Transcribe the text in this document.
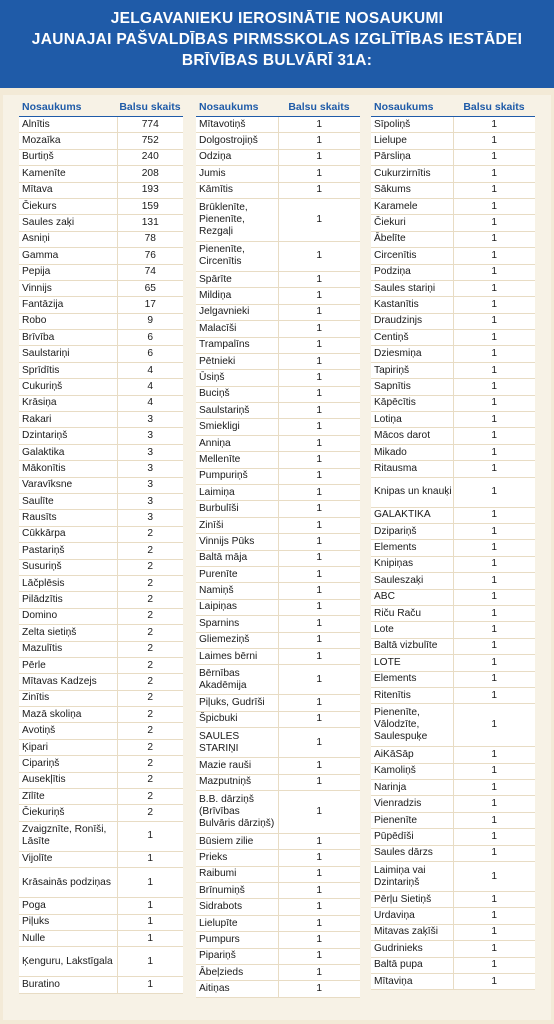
JELGAVANIEKU IEROSINĀTIE NOSAUKUMI
JAUNAJAI PAŠVALDĪBAS PIRMSSKOLAS IZGLĪTĪBAS IESTĀDEI
BRĪVĪBAS BULVĀRĪ 31A:
Nosaukums	Balsu skaits
Alnītis	774
Mozaīka	752
Burtiņš	240
Kamenīte	208
Mītava	193
Čiekurs	159
Saules zaķi	131
Asniņi	78
Gamma	76
Pepija	74
Vinnijs	65
Fantāzija	17
Robo	9
Brīvība	6
Saulstariņi	6
Sprīdītis	4
Cukuriņš	4
Krāsiņa	4
Rakari	3
Dzintariņš	3
Galaktika	3
Mākonītis	3
Varavīksne	3
Saulīte	3
Rausīts	3
Cūkkārpa	2
Pastariņš	2
Susuriņš	2
Lāčplēsis	2
Pilādzītis	2
Domino	2
Zelta sietiņš	2
Mazulītis	2
Pērle	2
Mītavas Kadzejs	2
Zinītis	2
Mazā skoliņa	2
Avotiņš	2
Ķipari	2
Cipariņš	2
Ausekļītis	2
Zīlīte	2
Čiekuriņš	2
Zvaigznīte, Ronīši, Lāsīte	1
Vijolīte	1
Krāsainās podziņas	1
Poga	1
Piļuks	1
Nulle	1
Ķenguru, Lakstīgala	1
Buratino	1
Nosaukums	Balsu skaits
Mītavotiņš	1
Dolgostrojiņš	1
Odziņa	1
Jumis	1
Kāmītis	1
Brūklenīte, Pienenīte, Rezgaļi	1
Pienenīte, Circenītis	1
Spārīte	1
Mildiņa	1
Jelgavnieki	1
Malacīši	1
Trampalīns	1
Pētnieki	1
Ūsiņš	1
Buciņš	1
Saulstariņš	1
Smiekligi	1
Anniņa	1
Mellenīte	1
Pumpuriņš	1
Laimiņa	1
Burbulīši	1
Zinīši	1
Vinnijs Pūks	1
Baltā māja	1
Purenīte	1
Namiņš	1
Laipiņas	1
Sparnins	1
Gliemeziņš	1
Laimes bērni	1
Bērnības Akadēmija	1
Piļuks, Gudrīši	1
Špicbuki	1
SAULES STARIŅI	1
Mazie rauši	1
Mazputniņš	1
B.B. dārziņš (Brīvības Bulvāris dārziņš)	1
Būsiem zilie	1
Prieks	1
Raibumi	1
Brīnumiņš	1
Sidrabots	1
Lielupīte	1
Pumpurs	1
Pipariņš	1
Ābeļzieds	1
Aitiņas	1
Nosaukums	Balsu skaits
Sīpoliņš	1
Lielupe	1
Pārsliņa	1
Cukurzirnītis	1
Sākums	1
Karamele	1
Čiekuri	1
Ābelīte	1
Circenītis	1
Podziņa	1
Saules stariņi	1
Kastanītis	1
Draudzinjs	1
Centiņš	1
Dziesmiņa	1
Tapiriņš	1
Sapnītis	1
Kāpēcītis	1
Lotiņa	1
Mācos darot	1
Mikado	1
Ritausma	1
Knipas un knauķi	1
GALAKTIKA	1
Dzipariņš	1
Elements	1
Knipiņas	1
Sauleszaķi	1
ABC	1
Riču Raču	1
Lote	1
Baltā vizbulīte	1
LOTE	1
Elements	1
Ritenītis	1
Pienenīte, Vālodzīte, Saulespuķe	1
AiKāSāp	1
Kamoliņš	1
Narinja	1
Vienradzis	1
Pienenīte	1
Pūpēdīši	1
Saules dārzs	1
Laimiņa vai Dzintariņš	1
Pērļu Sietiņš	1
Urdaviņa	1
Mitavas zaķīši	1
Gudrinieks	1
Baltā pupa	1
Mītaviņa	1
